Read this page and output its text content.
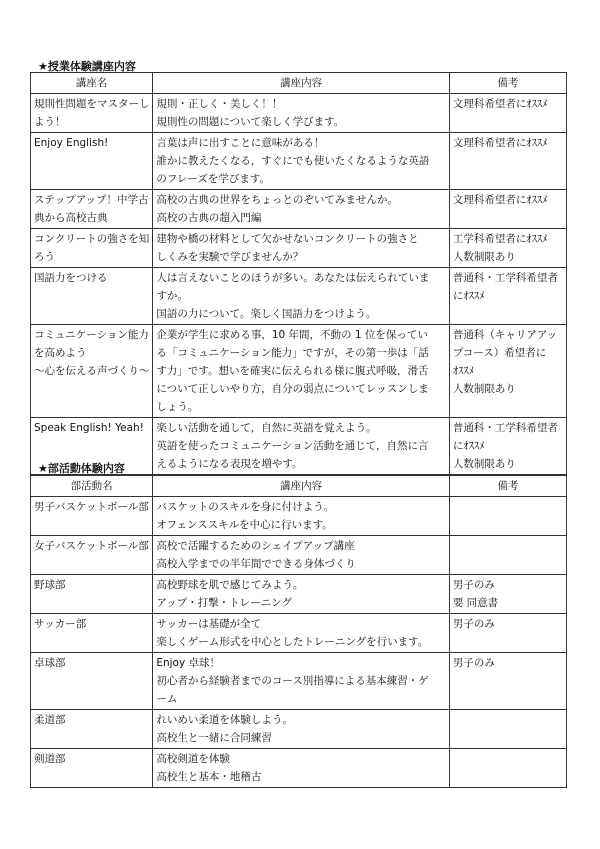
★授業体験講座内容
講座名	講座内容	備考

規則性問題をマスターし
よう！	規則・正しく・美しく！！
規則性の問題について楽しく学びます。	文理科希望者にｵｽｽﾒ

Enjoy English!	言葉は声に出すことに意味がある！
誰かに教えたくなる，すぐにでも使いたくなるような英語
のフレーズを学びます。	文理科希望者にｵｽｽﾒ

ステップアップ！中学古
典から高校古典	高校の古典の世界をちょっとのぞいてみませんか。
高校の古典の超入門編	文理科希望者にｵｽｽﾒ

コンクリートの強さを知
ろう	建物や橋の材料として欠かせないコンクリートの強さと
しくみを実験で学びませんか？	工学科希望者にｵｽｽﾒ
人数制限あり

国語力をつける	人は言えないことのほうが多い。あなたは伝えられていま
すか。
国語の力について。楽しく国語力をつけよう。	普通科・工学科希望者
にｵｽｽﾒ

コミュニケーション能力
を高めよう
～心を伝える声づくり～	企業が学生に求める事，10 年間，不動の 1 位を保ってい
る「コミュニケーション能力」ですが，その第一歩は「話
す力」です。想いを確実に伝えられる様に腹式呼吸，滑舌
について正しいやり方，自分の弱点についてレッスンしま
しょう。	普通科（キャリアアッ
プコース）希望者に
ｵｽｽﾒ
人数制限あり

Speak English! Yeah!	楽しい活動を通して，自然に英語を覚えよう。
英語を使ったコミュニケーション活動を通じて，自然に言
えるようになる表現を増やす。	普通科・工学科希望者
にｵｽｽﾒ
人数制限あり
★部活動体験内容
部活動名	講座内容	備考

男子バスケットボール部	バスケットのスキルを身に付けよう。
オフェンススキルを中心に行います。	

女子バスケットボール部	高校で活躍するためのシェイプアップ講座
高校入学までの半年間でできる身体づくり	

野球部	高校野球を肌で感じてみよう。
アップ・打撃・トレーニング	男子のみ
要 同意書

サッカー部	サッカーは基礎が全て
楽しくゲーム形式を中心としたトレーニングを行います。	男子のみ

卓球部	Enjoy 卓球！
初心者から経験者までのコース別指導による基本練習・ゲ
ーム	男子のみ

柔道部	れいめい柔道を体験しよう。
高校生と一緒に合同練習	

剣道部	高校剣道を体験
高校生と基本・地稽古	
